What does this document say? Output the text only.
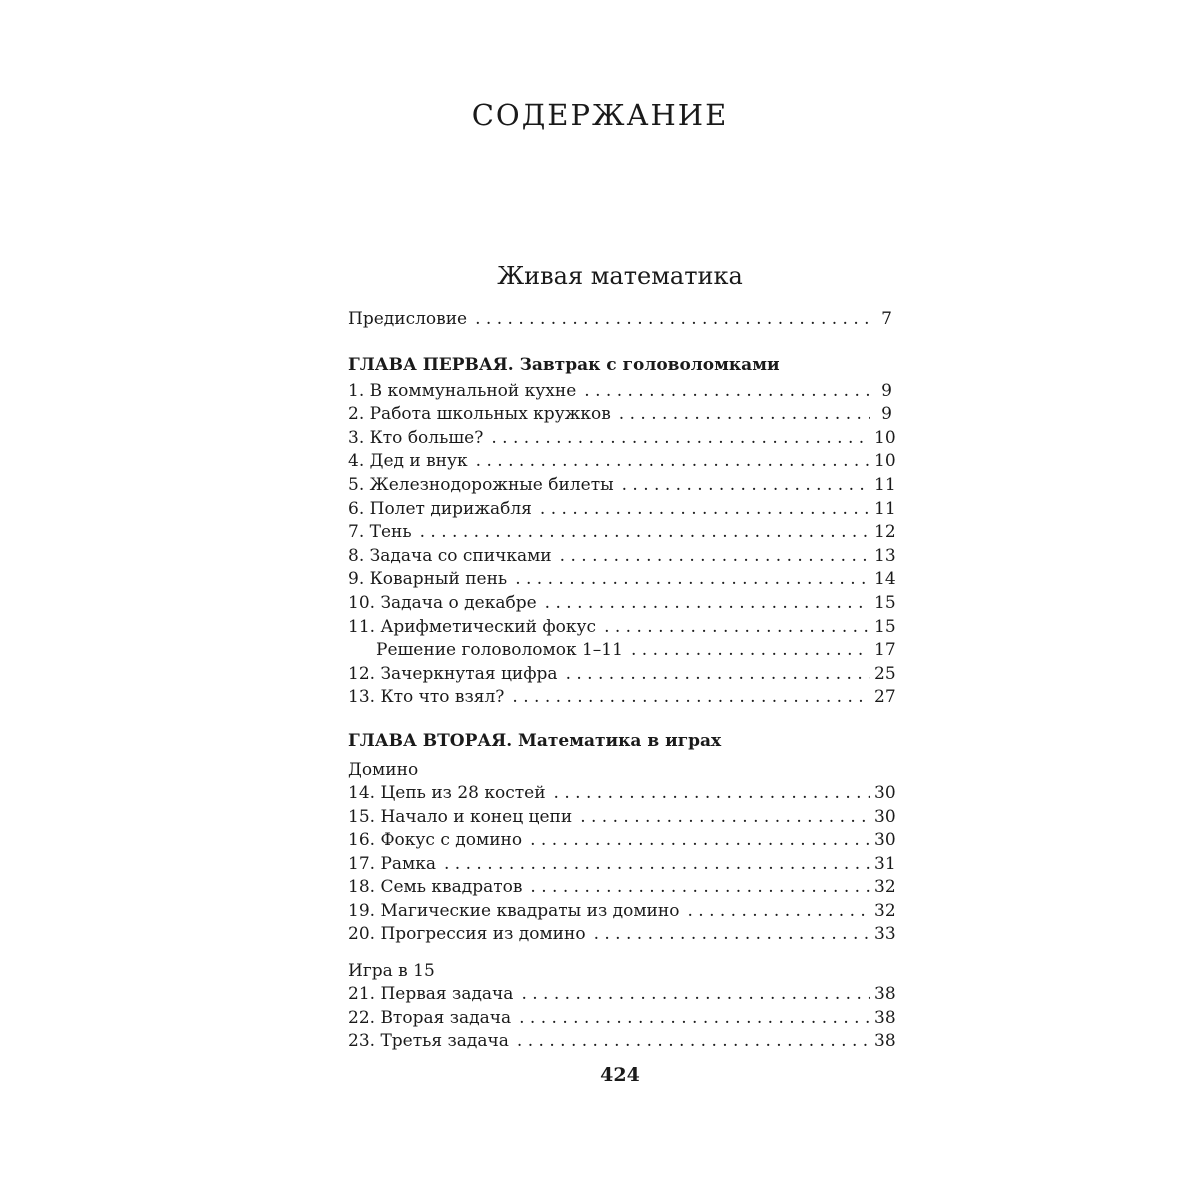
СОДЕРЖАНИЕ
Живая математика
Предисловие . . .	7
ГЛАВА ПЕРВАЯ. Завтрак с головоломками
1. В коммунальной кухне . . .	9
2. Работа школьных кружков . . .	9
3. Кто больше? . . .	10
4. Дед и внук . . .	10
5. Железнодорожные билеты . . .	11
6. Полет дирижабля . . .	11
7. Тень . . .	12
8. Задача со спичками . . .	13
9. Коварный пень . . .	14
10. Задача о декабре . . .	15
11. Арифметический фокус . . .	15
Решение головоломок 1–11 . . .	17
12. Зачеркнутая цифра . . .	25
13. Кто что взял? . . .	27
ГЛАВА ВТОРАЯ. Математика в играх
Домино
14. Цепь из 28 костей . . .	30
15. Начало и конец цепи . . .	30
16. Фокус с домино . . .	30
17. Рамка . . .	31
18. Семь квадратов . . .	32
19. Магические квадраты из домино . . .	32
20. Прогрессия из домино . . .	33
Игра в 15
21. Первая задача . . .	38
22. Вторая задача . . .	38
23. Третья задача . . .	38
424
